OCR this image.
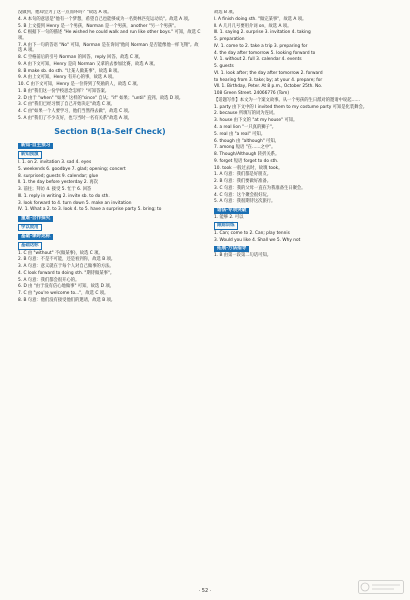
没做到，他却会为了这一点而坏吗？"故选 A 项。

4. A 本句的意思是"他有一个梦想，希望自己也能够成为一名奥林匹克运动员"。故选 A 项。

5. B 上文提到 Henry 是一个男孩，Norman 是一个男孩，another "另一个男孩"。

6. C 根据下一句的描述 "He wished he could walk and run like other boys." 可知，故选 C 项。

7. A 由下一句的答语 "No" 可知，Norman 是在询问"他问 Norman 是否能像他一样飞翔"。故选 A 项。

8. C 空格前后的引号 Norman 的回答。reply 回答。故选 C 项。

9. A 由下文可知，Henry 是向 Norman 又拿的去参加比赛，故选 A 项。

8. B make sb. do sth. "让某人做某事"，故选 B 项。

9. A 由上文可知，Henry 有开心的事，故选 A 项。

10. C 由下文可知，Henry 是一位得到了奖励的人，故选 C 项。

1. B 由"我们这一份学校思念怎样？"可知答案。

2. D 由于 "when" "如果" 这样的"since" 自从；"if" 如果；"until" 直到。故选 D 项。

3. C 由"我们已经习惯了自己开始决定"故选 C 项。

4. C 由"如果一个人要学习，他们当然得去做"，故选 C 项。

5. A 由"我们了不少友好，也与当时一名有关系"故选 A 项。

Section B(1a-Self Check)
新知·自主预习
新知预演

Ⅰ. 1. on 2. invitation 3. sad 4. eyes

5. weekends 6. goodbye 7. glad; opening; concert

8. surprised; guests 9. calendar; glue

Ⅱ. 1. the day before yesterday 2. 再次

3. 前往；拜访 4. 接受 5. 忙于 6. 回答

Ⅲ. 1. reply in writing 2. invite sb. to do sth.

3. look forward to 4. turn down 5. make an invitation

Ⅳ. 1. What a 2. to 3. look 4. to 5. have a surprise party 5. bring; to

重难·合作探究
学以致用
基础·课时达标
基础达标

1. C 由 "without" 不(做某事)，故选 C 项。

2. B 句意：不是不可能，还是看到你，故选 B 项。

3. A 句意：意义就在于每个人对自己做事的方法。

4. C look forward to doing sth. "期待做某事"。

5. A 句意：我们都会很开心的。

6. D 由 "由于没有信心地做事" 可知，故选 D 项。

7. C 由 "you're welcome to..."，故选 C 项。

8. B 句意：他们没有接受他们的邀请，故选 B 项。

故选 B 项。

Ⅰ. A finish doing sth. "做完某事"，故选 A 项。

Ⅱ. A 几月几号要用介词 on，故选 A 项。

Ⅲ. 1. saying 2. surprise 3. invitation 4. taking

5. preparation

Ⅳ. 1. come to 2. take a trip 3. preparing for

4. the day after tomorrow 5. looking forward to

Ⅴ. 1. without 2. full 3. calendar 4. events

5. guests

Ⅵ. 1. look after; the day after tomorrow 2. forward

to hearing from 3. take; by; at your 4. prepare; for

Ⅶ. 1. Birthday, Peter. At 8 p.m., October 25th. No.

108 Green Street. 24066776 (Tom)

【话题写作】本文为一个案文故事。从一个男孩的生日派对的邀请中说起……

1. party 由下文中的 I invited them to my costume party 可知是化装舞会。

2. because 所填写的词为连词。

3. house 由下文的 "at my house" 可知。

4. a real lion "一只真的狮子"。

5. real 由 "a real" 可知。

6. though 由 "although" 可知。

7. among 短语 "在……之中"。

8. Though/Although 转折关系。

9. forget 短语 forget to do sth.

10. took 一般过去时，故填 took。

1. A 句意：我们都是好朋友。

2. B 句意：我们要做好准备。

3. C 句意：我的父母一直在为我准备生日聚会。

4. C 句意：这个聚会很好玩。

5. A 句意：我很期待这次旅行。

语法·专项突破

1. 能够 2. 可以

跟踪训练

1. Can; come to 2. Can; play tennis

3. Would you like 4. Shall we 5. Why not

拓展·方法指导

1. B 由第一段第二句话可知。

· 52 ·
